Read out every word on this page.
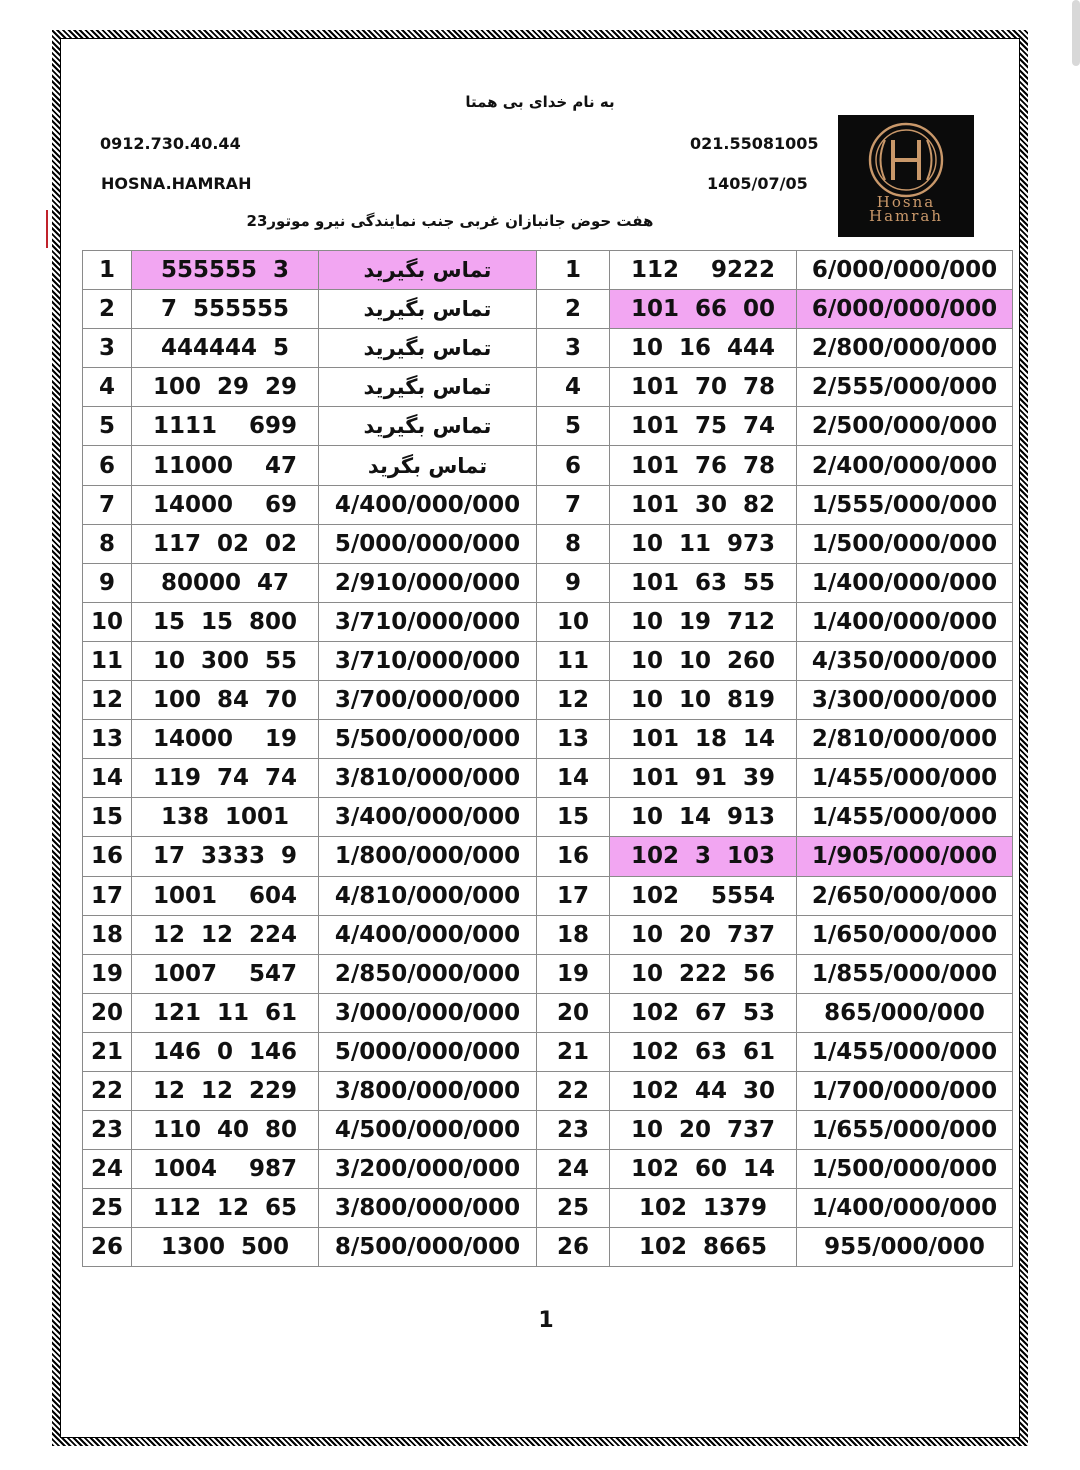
به نام خدای بی همتا
0912.730.40.44	021.55081005
HOSNA.HAMRAH	1405/07/05
هفت حوض جانبازان غربی جنب نمایندگی نیرو موتور23
Hosna
Hamrah
1	555555  3	تماس بگیرید	1	112    9222	6/000/000/000
2	7  555555	تماس بگیرید	2	101  66  00	6/000/000/000
3	444444  5	تماس بگیرید	3	10  16  444	2/800/000/000
4	100  29  29	تماس بگیرید	4	101  70  78	2/555/000/000
5	1111    699	تماس بگیرید	5	101  75  74	2/500/000/000
6	11000    47	تماس بگرید	6	101  76  78	2/400/000/000
7	14000    69	4/400/000/000	7	101  30  82	1/555/000/000
8	117  02  02	5/000/000/000	8	10  11  973	1/500/000/000
9	80000  47	2/910/000/000	9	101  63  55	1/400/000/000
10	15  15  800	3/710/000/000	10	10  19  712	1/400/000/000
11	10  300  55	3/710/000/000	11	10  10  260	4/350/000/000
12	100  84  70	3/700/000/000	12	10  10  819	3/300/000/000
13	14000    19	5/500/000/000	13	101  18  14	2/810/000/000
14	119  74  74	3/810/000/000	14	101  91  39	1/455/000/000
15	138  1001	3/400/000/000	15	10  14  913	1/455/000/000
16	17  3333  9	1/800/000/000	16	102  3  103	1/905/000/000
17	1001    604	4/810/000/000	17	102    5554	2/650/000/000
18	12  12  224	4/400/000/000	18	10  20  737	1/650/000/000
19	1007    547	2/850/000/000	19	10  222  56	1/855/000/000
20	121  11  61	3/000/000/000	20	102  67  53	865/000/000
21	146  0  146	5/000/000/000	21	102  63  61	1/455/000/000
22	12  12  229	3/800/000/000	22	102  44  30	1/700/000/000
23	110  40  80	4/500/000/000	23	10  20  737	1/655/000/000
24	1004    987	3/200/000/000	24	102  60  14	1/500/000/000
25	112  12  65	3/800/000/000	25	102  1379	1/400/000/000
26	1300  500	8/500/000/000	26	102  8665	955/000/000
1
